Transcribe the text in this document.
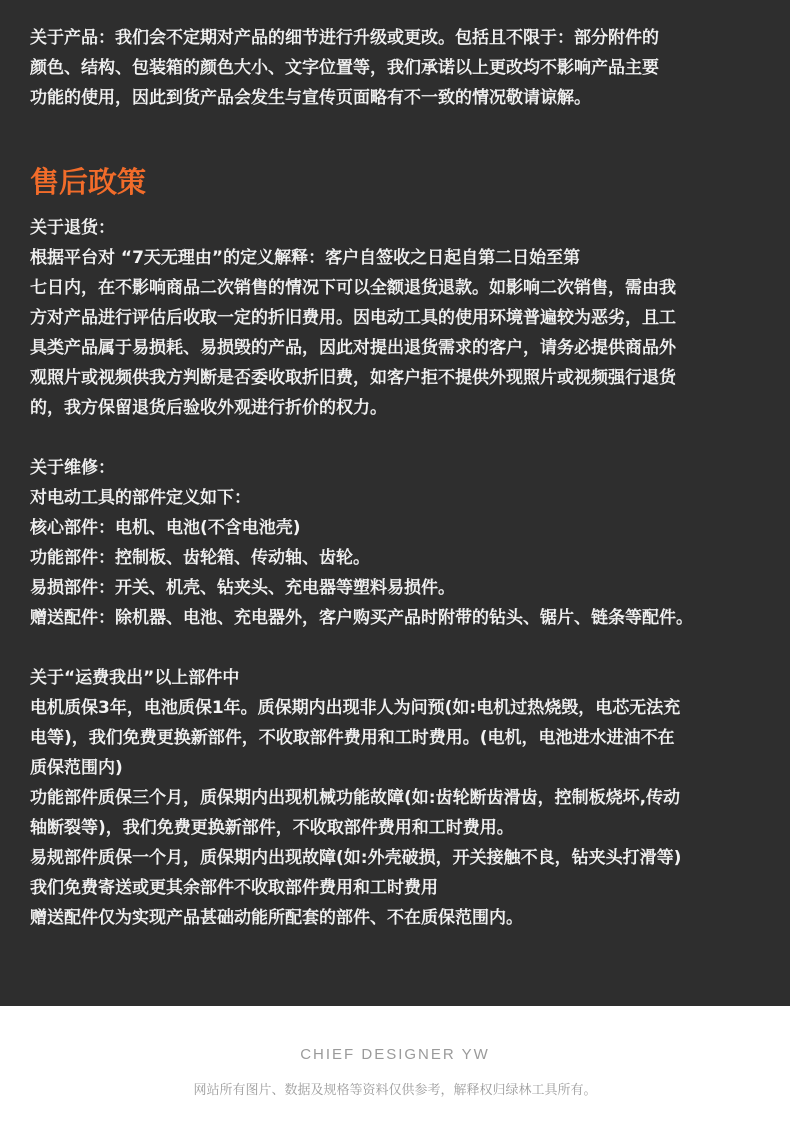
关于产品：我们会不定期对产品的细节进行升级或更改。包括且不限于：部分附件的
颜色、结构、包装箱的颜色大小、文字位置等，我们承诺以上更改均不影响产品主要
功能的使用，因此到货产品会发生与宣传页面略有不一致的情况敬请谅解。
售后政策
关于退货：
根据平台对 “7天无理由”的定义解释：客户自签收之日起自第二日始至第
七日内，在不影响商品二次销售的情况下可以全额退货退款。如影响二次销售，需由我
方对产品进行评估后收取一定的折旧费用。因电动工具的使用环境普遍较为恶劣，且工
具类产品属于易损耗、易损毁的产品，因此对提出退货需求的客户，请务必提供商品外
观照片或视频供我方判断是否委收取折旧费，如客户拒不提供外现照片或视频强行退货
的，我方保留退货后验收外观进行折价的权力。
关于维修：
对电动工具的部件定义如下：
核心部件：电机、电池(不含电池壳)
功能部件：控制板、齿轮箱、传动轴、齿轮。
易损部件：开关、机壳、钻夹头、充电器等塑料易损件。
赠送配件：除机器、电池、充电器外，客户购买产品时附带的钻头、锯片、链条等配件。
关于“运费我出”以上部件中
电机质保3年，电池质保1年。质保期内出现非人为问预(如:电机过热烧毁，电芯无法充
电等)，我们免费更换新部件，不收取部件费用和工时费用。(电机，电池进水进油不在
质保范围内)
功能部件质保三个月，质保期内出现机械功能故障(如:齿轮断齿滑齿，控制板烧坏,传动
轴断裂等)，我们免费更换新部件，不收取部件费用和工时费用。
易规部件质保一个月，质保期内出现故障(如:外壳破损，开关接触不良，钻夹头打滑等)
我们免费寄送或更其余部件不收取部件费用和工时费用
赠送配件仅为实现产品甚础动能所配套的部件、不在质保范围内。
CHIEF DESIGNER YW
网站所有图片、数据及规格等资料仅供参考，解释权归绿林工具所有。
